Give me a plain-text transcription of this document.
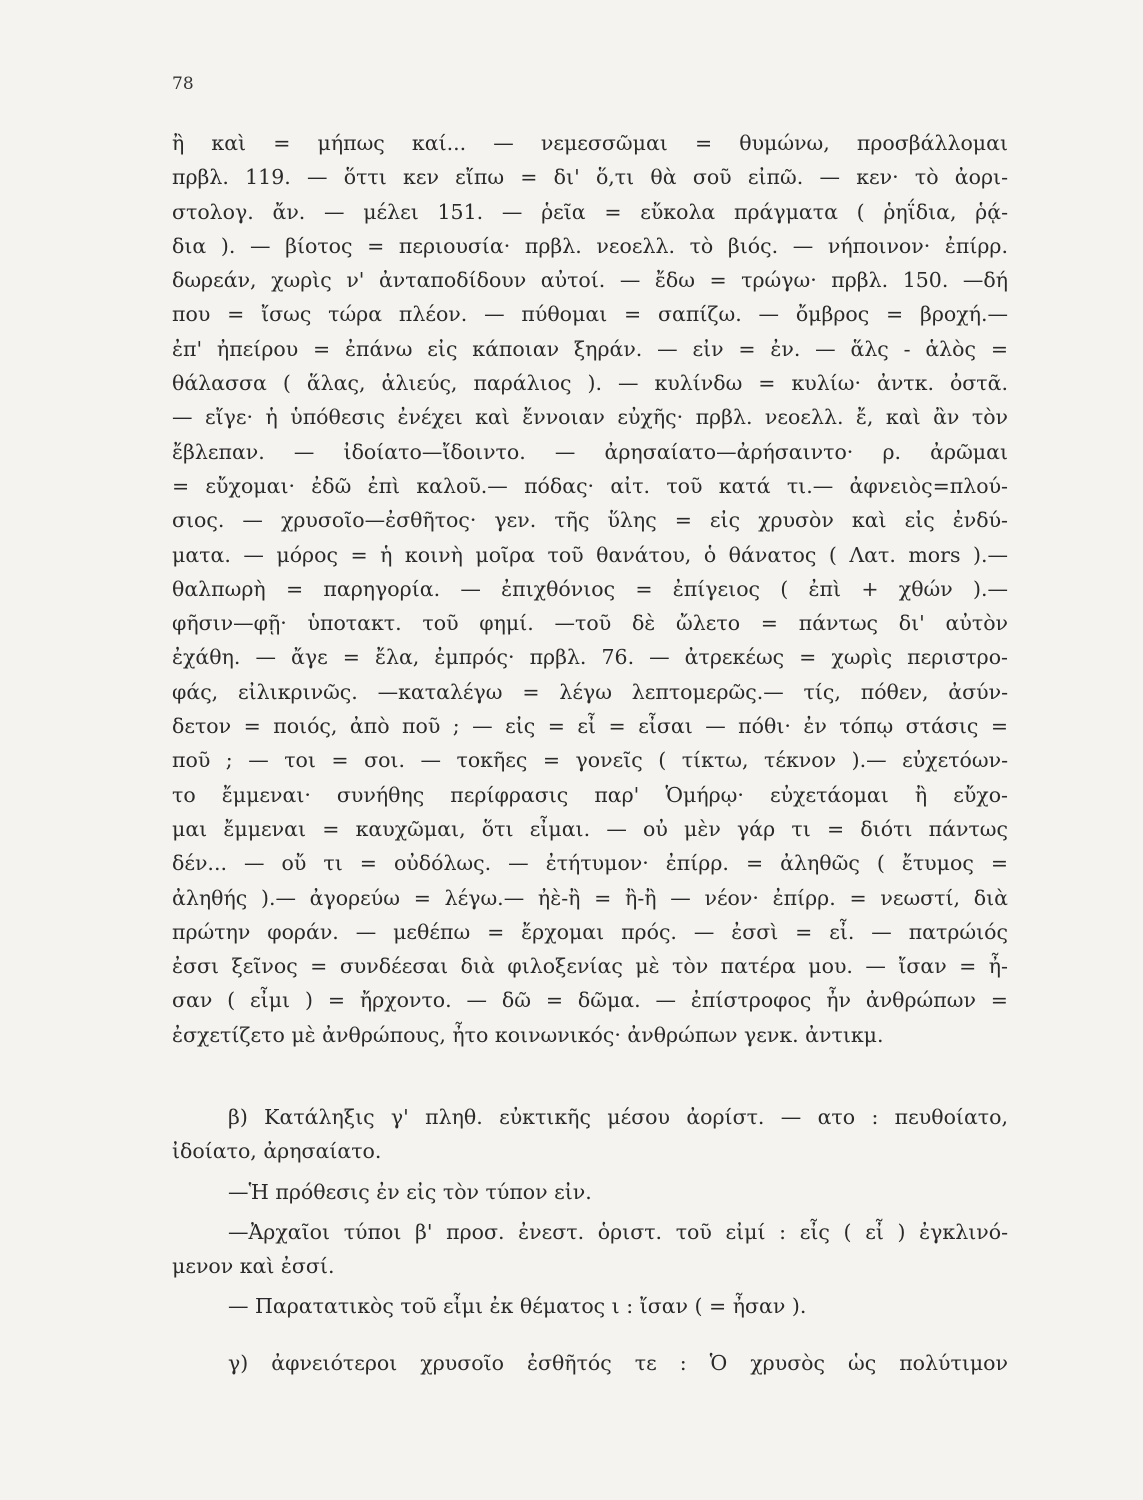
78

ἢ καὶ = μήπως καί... — νεμεσσῶμαι = θυμώνω, προσβάλλομαι

πρβλ. 119. — ὅττι κεν εἴπω = δι' ὅ,τι θὰ σοῦ εἰπῶ. — κεν· τὸ ἀορι-

στολογ. ἄν. — μέλει 151. — ῥεῖα = εὔκολα πράγματα ( ῥηΐδια, ῥᾴ-

δια ). — βίοτος = περιουσία· πρβλ. νεοελλ. τὸ βιός. — νήποινον· ἐπίρρ.

δωρεάν, χωρὶς ν' ἀνταποδίδουν αὐτοί. — ἔδω = τρώγω· πρβλ. 150. —δή

που = ἴσως τώρα πλέον. — πύθομαι = σαπίζω. — ὄμβρος = βροχή.—

ἐπ' ἠπείρου = ἐπάνω εἰς κάποιαν ξηράν. — εἰν = ἐν. — ἅλς - ἁλὸς =

θάλασσα ( ἅλας, ἁλιεύς, παράλιος ). — κυλίνδω = κυλίω· ἀντκ. ὀστᾶ.

— εἴγε· ἡ ὑπόθεσις ἐνέχει καὶ ἔννοιαν εὐχῆς· πρβλ. νεοελλ. ἔ, καὶ ἂν τὸν

ἔβλεπαν. — ἰδοίατο—ἴδοιντο. — ἀρησαίατο—ἀρήσαιντο· ρ. ἀρῶμαι

= εὔχομαι· ἐδῶ ἐπὶ καλοῦ.— πόδας· αἰτ. τοῦ κατά τι.— ἀφνειὸς=πλού-

σιος. — χρυσοῖο—ἐσθῆτος· γεν. τῆς ὕλης = εἰς χρυσὸν καὶ εἰς ἐνδύ-

ματα. — μόρος = ἡ κοινὴ μοῖρα τοῦ θανάτου, ὁ θάνατος ( Λατ. mors ).—

θαλπωρὴ = παρηγορία. — ἐπιχθόνιος = ἐπίγειος ( ἐπὶ + χθών ).—

φῆσιν—φῇ· ὑποτακτ. τοῦ φημί. —τοῦ δὲ ὤλετο = πάντως δι' αὐτὸν

ἐχάθη. — ἄγε = ἔλα, ἐμπρός· πρβλ. 76. — ἀτρεκέως = χωρὶς περιστρο-

φάς, εἰλικρινῶς. —καταλέγω = λέγω λεπτομερῶς.— τίς, πόθεν, ἀσύν-

δετον = ποιός, ἀπὸ ποῦ ; — εἰς = εἶ = εἶσαι — πόθι· ἐν τόπῳ στάσις =

ποῦ ; — τοι = σοι. — τοκῆες = γονεῖς ( τίκτω, τέκνον ).— εὐχετόων-

το ἔμμεναι· συνήθης περίφρασις παρ' Ὁμήρῳ· εὐχετάομαι ἢ εὔχο-

μαι ἔμμεναι = καυχῶμαι, ὅτι εἶμαι. — οὐ μὲν γάρ τι = διότι πάντως

δέν... — οὔ τι = οὐδόλως. — ἐτήτυμον· ἐπίρρ. = ἀληθῶς ( ἔτυμος =

ἀληθής ).— ἀγορεύω = λέγω.— ἠὲ-ἢ = ἢ-ἢ — νέον· ἐπίρρ. = νεωστί, διὰ

πρώτην φοράν. — μεθέπω = ἔρχομαι πρός. — ἐσσὶ = εἶ. — πατρώιός

ἐσσι ξεῖνος = συνδέεσαι διὰ φιλοξενίας μὲ τὸν πατέρα μου. — ἴσαν = ἦ-

σαν ( εἶμι ) = ἤρχοντο. — δῶ = δῶμα. — ἐπίστροφος ἦν ἀνθρώπων =

ἐσχετίζετο μὲ ἀνθρώπους, ἦτο κοινωνικός· ἀνθρώπων γενκ. ἀντικμ.

β) Κατάληξις γ' πληθ. εὐκτικῆς μέσου ἀορίστ. — ατο : πευθοίατο,

ἰδοίατο, ἀρησαίατο.

—Ἡ πρόθεσις ἐν εἰς τὸν τύπον εἰν.

—Ἀρχαῖοι τύποι β' προσ. ἐνεστ. ὁριστ. τοῦ εἰμί : εἶς ( εἶ ) ἐγκλινό-

μενον καὶ ἐσσί.

— Παρατατικὸς τοῦ εἶμι ἐκ θέματος ι : ἴσαν ( = ἦσαν ).

γ) ἀφνειότεροι χρυσοῖο ἐσθῆτός τε : Ὁ χρυσὸς ὡς πολύτιμον
